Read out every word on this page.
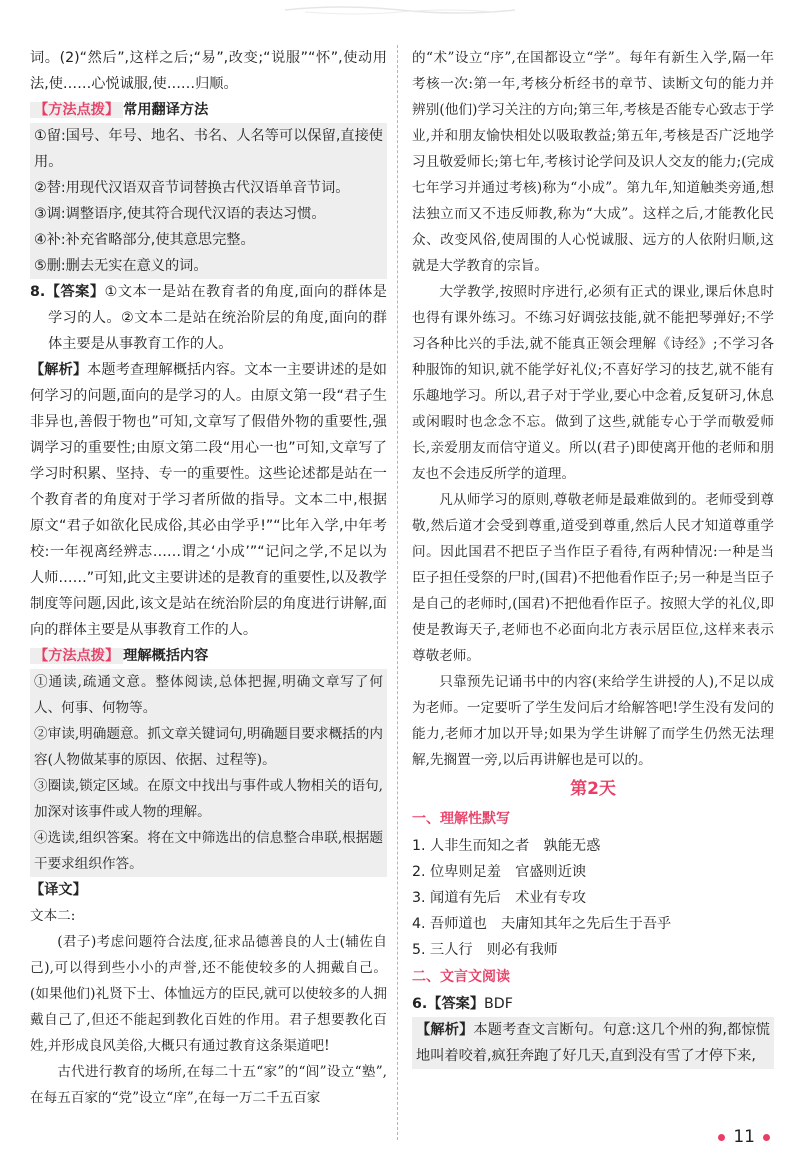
词。(2)“然后”,这样之后;“易”,改变;“说服”“怀”,使动用法,使……心悦诚服,使……归顺。

【方法点拨】 常用翻译方法

①留:国号、年号、地名、书名、人名等可以保留,直接使用。

②替:用现代汉语双音节词替换古代汉语单音节词。

③调:调整语序,使其符合现代汉语的表达习惯。

④补:补充省略部分,使其意思完整。

⑤删:删去无实在意义的词。

8.【答案】①文本一是站在教育者的角度,面向的群体是学习的人。②文本二是站在统治阶层的角度,面向的群体主要是从事教育工作的人。

【解析】本题考查理解概括内容。文本一主要讲述的是如何学习的问题,面向的是学习的人。由原文第一段“君子生非异也,善假于物也”可知,文章写了假借外物的重要性,强调学习的重要性;由原文第二段“用心一也”可知,文章写了学习时积累、坚持、专一的重要性。这些论述都是站在一个教育者的角度对于学习者所做的指导。文本二中,根据原文“君子如欲化民成俗,其必由学乎!”“比年入学,中年考校:一年视离经辨志……谓之‘小成’”“记问之学,不足以为人师……”可知,此文主要讲述的是教育的重要性,以及教学制度等问题,因此,该文是站在统治阶层的角度进行讲解,面向的群体主要是从事教育工作的人。

【方法点拨】 理解概括内容

①通读,疏通文意。整体阅读,总体把握,明确文章写了何人、何事、何物等。

②审读,明确题意。抓文章关键词句,明确题目要求概括的内容(人物做某事的原因、依据、过程等)。

③圈读,锁定区域。在原文中找出与事件或人物相关的语句,加深对该事件或人物的理解。

④选读,组织答案。将在文中筛选出的信息整合串联,根据题干要求组织作答。

【译文】

文本二:

(君子)考虑问题符合法度,征求品德善良的人士(辅佐自己),可以得到些小小的声誉,还不能使较多的人拥戴自己。(如果他们)礼贤下士、体恤远方的臣民,就可以使较多的人拥戴自己了,但还不能起到教化百姓的作用。君子想要教化百姓,并形成良风美俗,大概只有通过教育这条渠道吧!

古代进行教育的场所,在每二十五“家”的“闾”设立“塾”,在每五百家的“党”设立“庠”,在每一万二千五百家

的“术”设立“序”,在国都设立“学”。每年有新生入学,隔一年考核一次:第一年,考核分析经书的章节、读断文句的能力并辨别(他们)学习关注的方向;第三年,考核是否能专心致志于学业,并和朋友愉快相处以吸取教益;第五年,考核是否广泛地学习且敬爱师长;第七年,考核讨论学问及识人交友的能力;(完成七年学习并通过考核)称为“小成”。第九年,知道触类旁通,想法独立而又不违反师教,称为“大成”。这样之后,才能教化民众、改变风俗,使周围的人心悦诚服、远方的人依附归顺,这就是大学教育的宗旨。

大学教学,按照时序进行,必须有正式的课业,课后休息时也得有课外练习。不练习好调弦技能,就不能把琴弹好;不学习各种比兴的手法,就不能真正领会理解《诗经》;不学习各种服饰的知识,就不能学好礼仪;不喜好学习的技艺,就不能有乐趣地学习。所以,君子对于学业,要心中念着,反复研习,休息或闲暇时也念念不忘。做到了这些,就能专心于学而敬爱师长,亲爱朋友而信守道义。所以(君子)即使离开他的老师和朋友也不会违反所学的道理。

凡从师学习的原则,尊敬老师是最难做到的。老师受到尊敬,然后道才会受到尊重,道受到尊重,然后人民才知道尊重学问。因此国君不把臣子当作臣子看待,有两种情况:一种是当臣子担任受祭的尸时,(国君)不把他看作臣子;另一种是当臣子是自己的老师时,(国君)不把他看作臣子。按照大学的礼仪,即使是教诲天子,老师也不必面向北方表示居臣位,这样来表示尊敬老师。

只靠预先记诵书中的内容(来给学生讲授的人),不足以成为老师。一定要听了学生发问后才给解答吧!学生没有发问的能力,老师才加以开导;如果为学生讲解了而学生仍然无法理解,先搁置一旁,以后再讲解也是可以的。

第2天

一、理解性默写

1. 人非生而知之者　孰能无惑

2. 位卑则足羞　官盛则近谀

3. 闻道有先后　术业有专攻

4. 吾师道也　夫庸知其年之先后生于吾乎

5. 三人行　则必有我师

二、文言文阅读

6.【答案】BDF

【解析】本题考查文言断句。句意:这几个州的狗,都惊慌地叫着咬着,疯狂奔跑了好几天,直到没有雪了才停下来,

11
